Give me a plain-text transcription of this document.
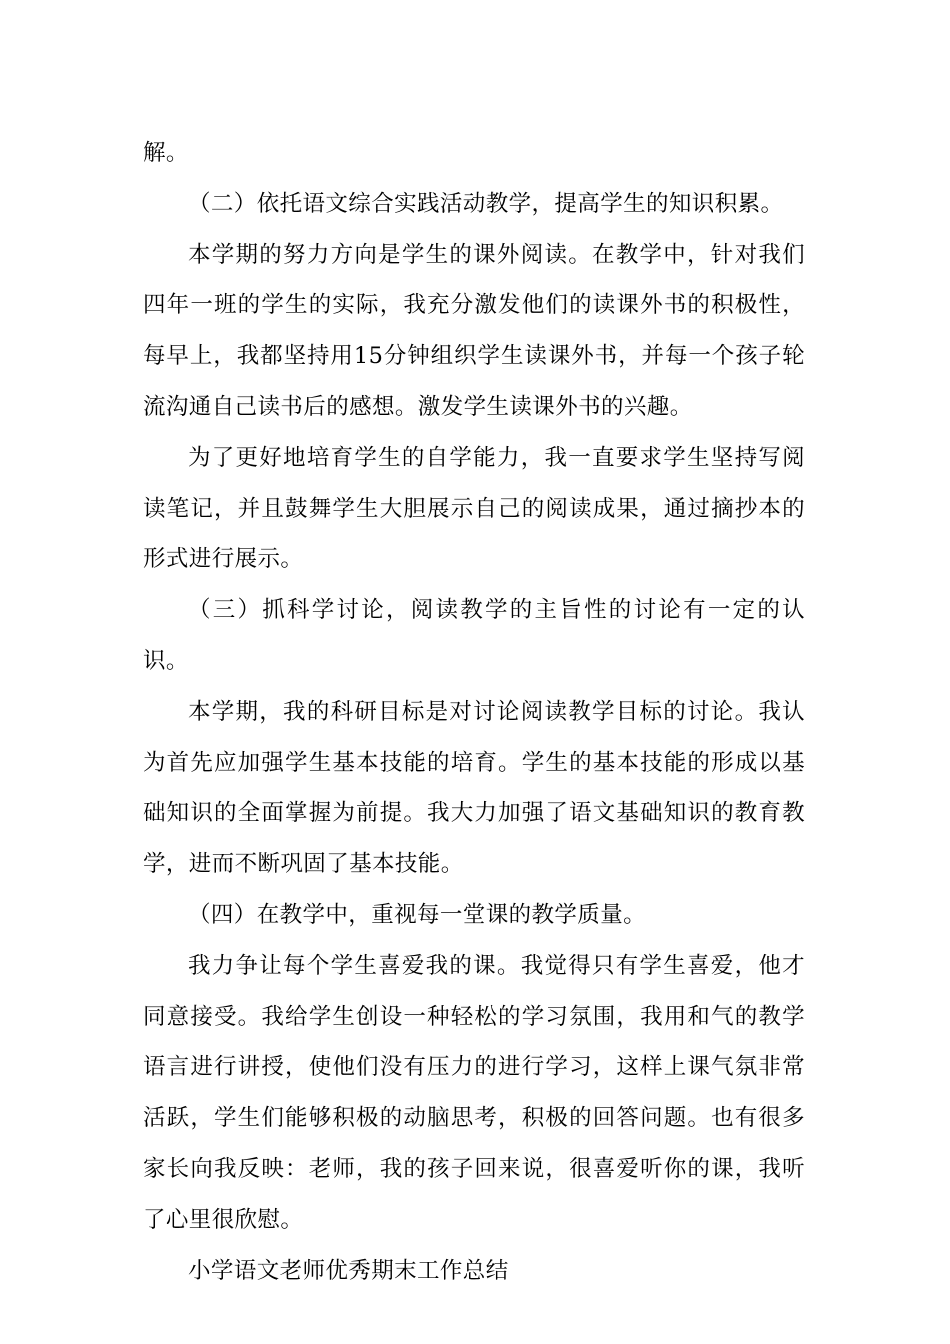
解。

（二）依托语文综合实践活动教学，提高学生的知识积累。

本学期的努力方向是学生的课外阅读。在教学中，针对我们四年一班的学生的实际，我充分激发他们的读课外书的积极性，每早上，我都坚持用15分钟组织学生读课外书，并每一个孩子轮流沟通自己读书后的感想。激发学生读课外书的兴趣。

为了更好地培育学生的自学能力，我一直要求学生坚持写阅读笔记，并且鼓舞学生大胆展示自己的阅读成果，通过摘抄本的形式进行展示。

（三）抓科学讨论，阅读教学的主旨性的讨论有一定的认识。

本学期，我的科研目标是对讨论阅读教学目标的讨论。我认为首先应加强学生基本技能的培育。学生的基本技能的形成以基础知识的全面掌握为前提。我大力加强了语文基础知识的教育教学，进而不断巩固了基本技能。

（四）在教学中，重视每一堂课的教学质量。

我力争让每个学生喜爱我的课。我觉得只有学生喜爱，他才同意接受。我给学生创设一种轻松的学习氛围，我用和气的教学语言进行讲授，使他们没有压力的进行学习，这样上课气氛非常活跃，学生们能够积极的动脑思考，积极的回答问题。也有很多家长向我反映：老师，我的孩子回来说，很喜爱听你的课，我听了心里很欣慰。

小学语文老师优秀期末工作总结
